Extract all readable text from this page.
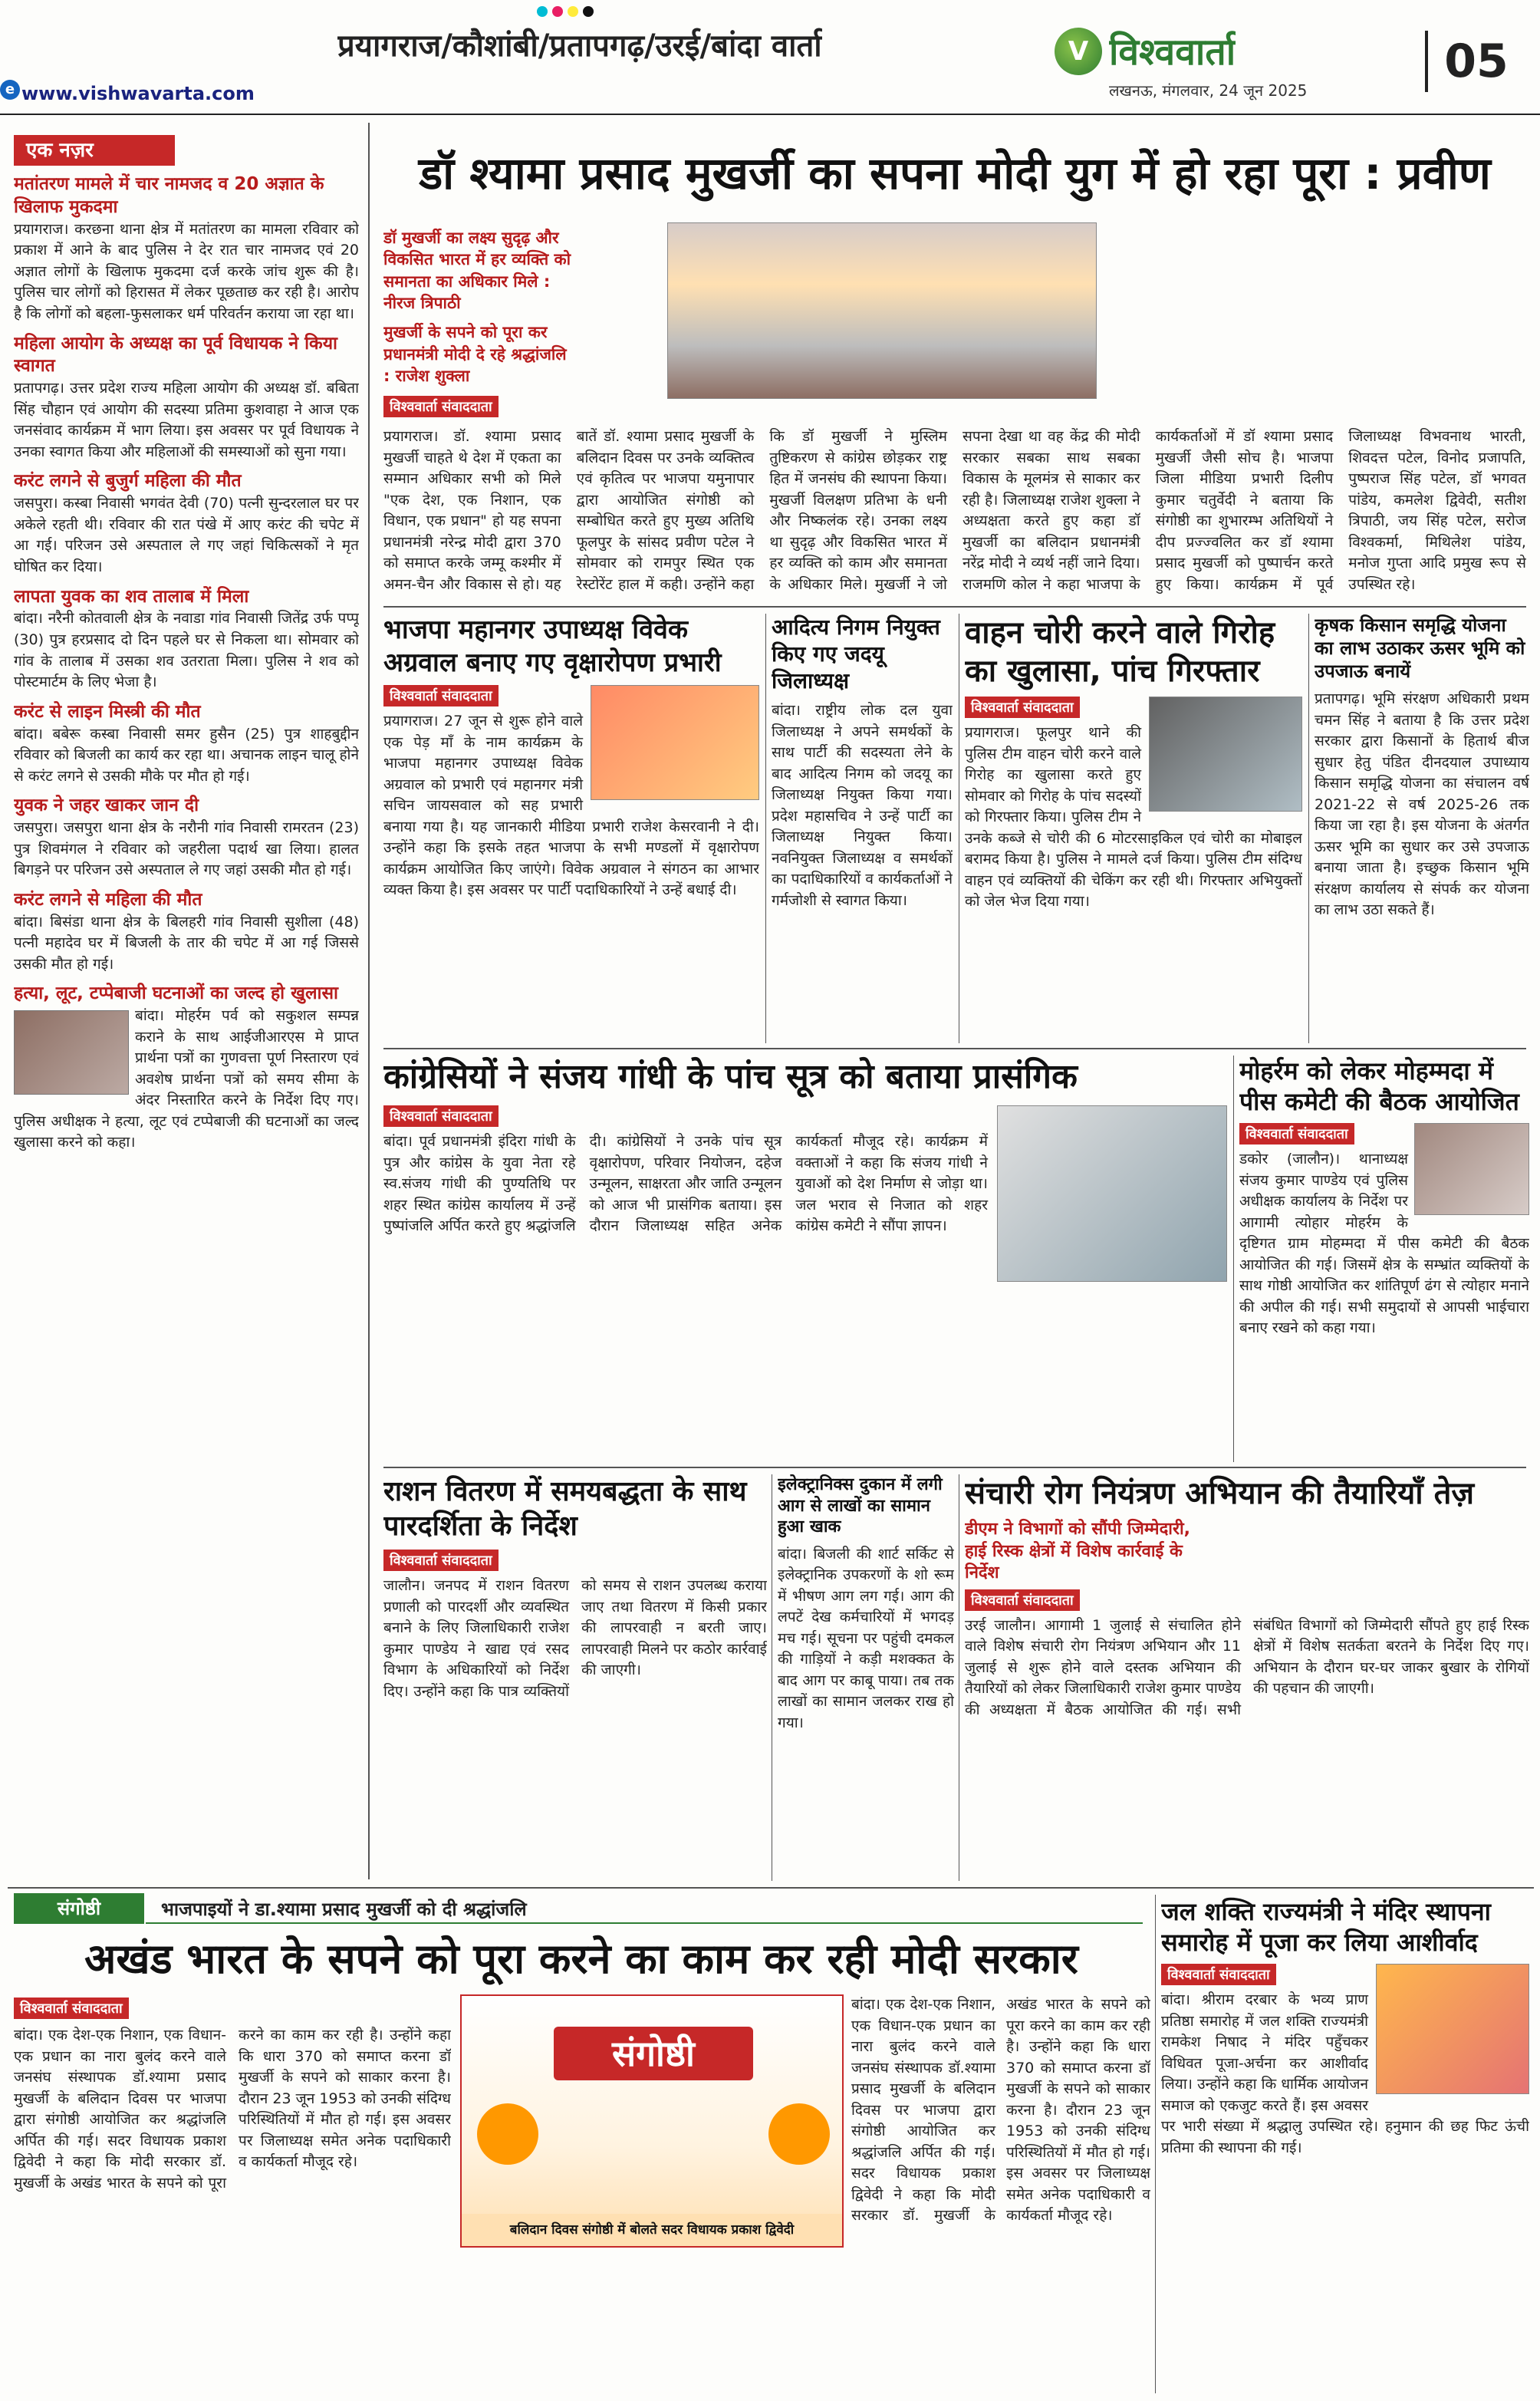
प्रयागराज/कौशांबी/प्रतापगढ़/उरई/बांदा वार्ता	V विश्ववार्ता
लखनऊ, मंगलवार, 24 जून 2025
05
e www.vishwavarta.com
एक नज़र
मतांतरण मामले में चार नामजद व 20 अज्ञात के खिलाफ मुकदमा
प्रयागराज। करछना थाना क्षेत्र में मतांतरण का मामला रविवार को प्रकाश में आने के बाद पुलिस ने देर रात चार नामजद एवं 20 अज्ञात लोगों के खिलाफ मुकदमा दर्ज करके जांच शुरू की है। पुलिस चार लोगों को हिरासत में लेकर पूछताछ कर रही है। आरोप है कि लोगों को बहला-फुसलाकर धर्म परिवर्तन कराया जा रहा था।
महिला आयोग के अध्यक्ष का पूर्व विधायक ने किया स्वागत
प्रतापगढ़। उत्तर प्रदेश राज्य महिला आयोग की अध्यक्ष डॉ. बबिता सिंह चौहान एवं आयोग की सदस्या प्रतिमा कुशवाहा ने आज एक जनसंवाद कार्यक्रम में भाग लिया। इस अवसर पर पूर्व विधायक ने उनका स्वागत किया और महिलाओं की समस्याओं को सुना गया।
करंट लगने से बुजुर्ग महिला की मौत
जसपुरा। कस्बा निवासी भगवंत देवी (70) पत्नी सुन्दरलाल घर पर अकेले रहती थी। रविवार की रात पंखे में आए करंट की चपेट में आ गई। परिजन उसे अस्पताल ले गए जहां चिकित्सकों ने मृत घोषित कर दिया।
लापता युवक का शव तालाब में मिला
बांदा। नरैनी कोतवाली क्षेत्र के नवाडा गांव निवासी जितेंद्र उर्फ पप्पू (30) पुत्र हरप्रसाद दो दिन पहले घर से निकला था। सोमवार को गांव के तालाब में उसका शव उतराता मिला। पुलिस ने शव को पोस्टमार्टम के लिए भेजा है।
करंट से लाइन मिस्त्री की मौत
बांदा। बबेरू कस्बा निवासी समर हुसैन (25) पुत्र शाहबुद्दीन रविवार को बिजली का कार्य कर रहा था। अचानक लाइन चालू होने से करंट लगने से उसकी मौके पर मौत हो गई।
युवक ने जहर खाकर जान दी
जसपुरा। जसपुरा थाना क्षेत्र के नरौनी गांव निवासी रामरतन (23) पुत्र शिवमंगल ने रविवार को जहरीला पदार्थ खा लिया। हालत बिगड़ने पर परिजन उसे अस्पताल ले गए जहां उसकी मौत हो गई।
करंट लगने से महिला की मौत
बांदा। बिसंडा थाना क्षेत्र के बिलहरी गांव निवासी सुशीला (48) पत्नी महादेव घर में बिजली के तार की चपेट में आ गई जिससे उसकी मौत हो गई।
हत्या, लूट, टप्पेबाजी घटनाओं का जल्द हो खुलासा
बांदा। मोहर्रम पर्व को सकुशल सम्पन्न कराने के साथ आईजीआरएस मे प्राप्त प्रार्थना पत्रों का गुणवत्ता पूर्ण निस्तारण एवं अवशेष प्रार्थना पत्रों को समय सीमा के अंदर निस्तारित करने के निर्देश दिए गए। पुलिस अधीक्षक ने हत्या, लूट एवं टप्पेबाजी की घटनाओं का जल्द खुलासा करने को कहा।
डॉ श्यामा प्रसाद मुखर्जी का सपना मोदी युग में हो रहा पूरा : प्रवीण
डॉ मुखर्जी का लक्ष्य सुदृढ़ और विकसित भारत में हर व्यक्ति को समानता का अधिकार मिले : नीरज त्रिपाठी
मुखर्जी के सपने को पूरा कर प्रधानमंत्री मोदी दे रहे श्रद्धांजलि : राजेश शुक्ला
विश्ववार्ता संवाददाता
प्रयागराज। डॉ. श्यामा प्रसाद मुखर्जी चाहते थे देश में एकता का सम्मान अधिकार सभी को मिले "एक देश, एक निशान, एक विधान, एक प्रधान" हो यह सपना प्रधानमंत्री नरेन्द्र मोदी द्वारा 370 को समाप्त करके जम्मू कश्मीर में अमन-चैन और विकास से हो। यह बातें डॉ. श्यामा प्रसाद मुखर्जी के बलिदान दिवस पर उनके व्यक्तित्व एवं कृतित्व पर भाजपा यमुनापार द्वारा आयोजित संगोष्ठी को सम्बोधित करते हुए मुख्य अतिथि फूलपुर के सांसद प्रवीण पटेल ने सोमवार को रामपुर स्थित एक रेस्टोरेंट हाल में कही। उन्होंने कहा कि डॉ मुखर्जी ने मुस्लिम तुष्टिकरण से कांग्रेस छोड़कर राष्ट्र हित में जनसंघ की स्थापना किया। मुखर्जी विलक्षण प्रतिभा के धनी और निष्कलंक रहे। उनका लक्ष्य था सुदृढ़ और विकसित भारत में हर व्यक्ति को काम और समानता के अधिकार मिले। मुखर्जी ने जो सपना देखा था वह केंद्र की मोदी सरकार सबका साथ सबका विकास के मूलमंत्र से साकार कर रही है। जिलाध्यक्ष राजेश शुक्ला ने अध्यक्षता करते हुए कहा डॉ मुखर्जी का बलिदान प्रधानमंत्री नरेंद्र मोदी ने व्यर्थ नहीं जाने दिया। राजमणि कोल ने कहा भाजपा के कार्यकर्ताओं में डॉ श्यामा प्रसाद मुखर्जी जैसी सोच है। भाजपा जिला मीडिया प्रभारी दिलीप कुमार चतुर्वेदी ने बताया कि संगोष्ठी का शुभारम्भ अतिथियों ने दीप प्रज्ज्वलित कर डॉ श्यामा प्रसाद मुखर्जी को पुष्पार्चन करते हुए किया। कार्यक्रम में पूर्व जिलाध्यक्ष विभवनाथ भारती, शिवदत्त पटेल, विनोद प्रजापति, पुष्पराज सिंह पटेल, डॉ भगवत पांडेय, कमलेश द्विवेदी, सतीश त्रिपाठी, जय सिंह पटेल, सरोज विश्वकर्मा, मिथिलेश पांडेय, मनोज गुप्ता आदि प्रमुख रूप से उपस्थित रहे।
भाजपा महानगर उपाध्यक्ष विवेक अग्रवाल बनाए गए वृक्षारोपण प्रभारी
विश्ववार्ता संवाददाता
प्रयागराज। 27 जून से शुरू होने वाले एक पेड़ माँ के नाम कार्यक्रम के भाजपा महानगर उपाध्यक्ष विवेक अग्रवाल को प्रभारी एवं महानगर मंत्री सचिन जायसवाल को सह प्रभारी बनाया गया है। यह जानकारी मीडिया प्रभारी राजेश केसरवानी ने दी। उन्होंने कहा कि इसके तहत भाजपा के सभी मण्डलों में वृक्षारोपण कार्यक्रम आयोजित किए जाएंगे। विवेक अग्रवाल ने संगठन का आभार व्यक्त किया है। इस अवसर पर पार्टी पदाधिकारियों ने उन्हें बधाई दी।
आदित्य निगम नियुक्त किए गए जदयू जिलाध्यक्ष
बांदा। राष्ट्रीय लोक दल युवा जिलाध्यक्ष ने अपने समर्थकों के साथ पार्टी की सदस्यता लेने के बाद आदित्य निगम को जदयू का जिलाध्यक्ष नियुक्त किया गया। प्रदेश महासचिव ने उन्हें पार्टी का जिलाध्यक्ष नियुक्त किया। नवनियुक्त जिलाध्यक्ष व समर्थकों का पदाधिकारियों व कार्यकर्ताओं ने गर्मजोशी से स्वागत किया।
वाहन चोरी करने वाले गिरोह का खुलासा, पांच गिरफ्तार
विश्ववार्ता संवाददाता
प्रयागराज। फूलपुर थाने की पुलिस टीम वाहन चोरी करने वाले गिरोह का खुलासा करते हुए सोमवार को गिरोह के पांच सदस्यों को गिरफ्तार किया। पुलिस टीम ने उनके कब्जे से चोरी की 6 मोटरसाइकिल एवं चोरी का मोबाइल बरामद किया है। पुलिस ने मामले दर्ज किया। पुलिस टीम संदिग्ध वाहन एवं व्यक्तियों की चेकिंग कर रही थी। गिरफ्तार अभियुक्तों को जेल भेज दिया गया।
कृषक किसान समृद्धि योजना का लाभ उठाकर ऊसर भूमि को उपजाऊ बनायें
प्रतापगढ़। भूमि संरक्षण अधिकारी प्रथम चमन सिंह ने बताया है कि उत्तर प्रदेश सरकार द्वारा किसानों के हितार्थ बीज सुधार हेतु पंडित दीनदयाल उपाध्याय किसान समृद्धि योजना का संचालन वर्ष 2021-22 से वर्ष 2025-26 तक किया जा रहा है। इस योजना के अंतर्गत ऊसर भूमि का सुधार कर उसे उपजाऊ बनाया जाता है। इच्छुक किसान भूमि संरक्षण कार्यालय से संपर्क कर योजना का लाभ उठा सकते हैं।
कांग्रेसियों ने संजय गांधी के पांच सूत्र को बताया प्रासंगिक
विश्ववार्ता संवाददाता
बांदा। पूर्व प्रधानमंत्री इंदिरा गांधी के पुत्र और कांग्रेस के युवा नेता रहे स्व.संजय गांधी की पुण्यतिथि पर शहर स्थित कांग्रेस कार्यालय में उन्हें पुष्पांजलि अर्पित करते हुए श्रद्धांजलि दी। कांग्रेसियों ने उनके पांच सूत्र वृक्षारोपण, परिवार नियोजन, दहेज उन्मूलन, साक्षरता और जाति उन्मूलन को आज भी प्रासंगिक बताया। इस दौरान जिलाध्यक्ष सहित अनेक कार्यकर्ता मौजूद रहे। कार्यक्रम में वक्ताओं ने कहा कि संजय गांधी ने युवाओं को देश निर्माण से जोड़ा था। जल भराव से निजात को शहर कांग्रेस कमेटी ने सौंपा ज्ञापन।
मोहर्रम को लेकर मोहम्मदा में पीस कमेटी की बैठक आयोजित
विश्ववार्ता संवाददाता
डकोर (जालौन)। थानाध्यक्ष संजय कुमार पाण्डेय एवं पुलिस अधीक्षक कार्यालय के निर्देश पर आगामी त्योहार मोहर्रम के दृष्टिगत ग्राम मोहम्मदा में पीस कमेटी की बैठक आयोजित की गई। जिसमें क्षेत्र के सम्भ्रांत व्यक्तियों के साथ गोष्ठी आयोजित कर शांतिपूर्ण ढंग से त्योहार मनाने की अपील की गई। सभी समुदायों से आपसी भाईचारा बनाए रखने को कहा गया।
राशन वितरण में समयबद्धता के साथ पारदर्शिता के निर्देश
विश्ववार्ता संवाददाता
जालौन। जनपद में राशन वितरण प्रणाली को पारदर्शी और व्यवस्थित बनाने के लिए जिलाधिकारी राजेश कुमार पाण्डेय ने खाद्य एवं रसद विभाग के अधिकारियों को निर्देश दिए। उन्होंने कहा कि पात्र व्यक्तियों को समय से राशन उपलब्ध कराया जाए तथा वितरण में किसी प्रकार की लापरवाही न बरती जाए। लापरवाही मिलने पर कठोर कार्रवाई की जाएगी।
इलेक्ट्रानिक्स दुकान में लगी आग से लाखों का सामान हुआ खाक
बांदा। बिजली की शार्ट सर्किट से इलेक्ट्रानिक उपकरणों के शो रूम में भीषण आग लग गई। आग की लपटें देख कर्मचारियों में भगदड़ मच गई। सूचना पर पहुंची दमकल की गाड़ियों ने कड़ी मशक्कत के बाद आग पर काबू पाया। तब तक लाखों का सामान जलकर राख हो गया।
संचारी रोग नियंत्रण अभियान की तैयारियाँ तेज़
डीएम ने विभागों को सौंपी जिम्मेदारी, हाई रिस्क क्षेत्रों में विशेष कार्रवाई के निर्देश
विश्ववार्ता संवाददाता
उरई जालौन। आगामी 1 जुलाई से संचालित होने वाले विशेष संचारी रोग नियंत्रण अभियान और 11 जुलाई से शुरू होने वाले दस्तक अभियान की तैयारियों को लेकर जिलाधिकारी राजेश कुमार पाण्डेय की अध्यक्षता में बैठक आयोजित की गई। सभी संबंधित विभागों को जिम्मेदारी सौंपते हुए हाई रिस्क क्षेत्रों में विशेष सतर्कता बरतने के निर्देश दिए गए। अभियान के दौरान घर-घर जाकर बुखार के रोगियों की पहचान की जाएगी।
संगोष्ठी	भाजपाइयों ने डा.श्यामा प्रसाद मुखर्जी को दी श्रद्धांजलि
अखंड भारत के सपने को पूरा करने का काम कर रही मोदी सरकार
विश्ववार्ता संवाददाता
संगोष्ठी
बलिदान दिवस संगोष्ठी में बोलते सदर विधायक प्रकाश द्विवेदी
बांदा। एक देश-एक निशान, एक विधान-एक प्रधान का नारा बुलंद करने वाले जनसंघ संस्थापक डॉ.श्यामा प्रसाद मुखर्जी के बलिदान दिवस पर भाजपा द्वारा संगोष्ठी आयोजित कर श्रद्धांजलि अर्पित की गई। सदर विधायक प्रकाश द्विवेदी ने कहा कि मोदी सरकार डॉ. मुखर्जी के अखंड भारत के सपने को पूरा करने का काम कर रही है। उन्होंने कहा कि धारा 370 को समाप्त करना डॉ मुखर्जी के सपने को साकार करना है। दौरान 23 जून 1953 को उनकी संदिग्ध परिस्थितियों में मौत हो गई। इस अवसर पर जिलाध्यक्ष समेत अनेक पदाधिकारी व कार्यकर्ता मौजूद रहे।
बांदा। एक देश-एक निशान, एक विधान-एक प्रधान का नारा बुलंद करने वाले जनसंघ संस्थापक डॉ.श्यामा प्रसाद मुखर्जी के बलिदान दिवस पर भाजपा द्वारा संगोष्ठी आयोजित कर श्रद्धांजलि अर्पित की गई। सदर विधायक प्रकाश द्विवेदी ने कहा कि मोदी सरकार डॉ. मुखर्जी के अखंड भारत के सपने को पूरा करने का काम कर रही है। उन्होंने कहा कि धारा 370 को समाप्त करना डॉ मुखर्जी के सपने को साकार करना है। दौरान 23 जून 1953 को उनकी संदिग्ध परिस्थितियों में मौत हो गई। इस अवसर पर जिलाध्यक्ष समेत अनेक पदाधिकारी व कार्यकर्ता मौजूद रहे।
जल शक्ति राज्यमंत्री ने मंदिर स्थापना समारोह में पूजा कर लिया आशीर्वाद
विश्ववार्ता संवाददाता
बांदा। श्रीराम दरबार के भव्य प्राण प्रतिष्ठा समारोह में जल शक्ति राज्यमंत्री रामकेश निषाद ने मंदिर पहुँचकर विधिवत पूजा-अर्चना कर आशीर्वाद लिया। उन्होंने कहा कि धार्मिक आयोजन समाज को एकजुट करते हैं। इस अवसर पर भारी संख्या में श्रद्धालु उपस्थित रहे। हनुमान की छह फिट ऊंची प्रतिमा की स्थापना की गई।
